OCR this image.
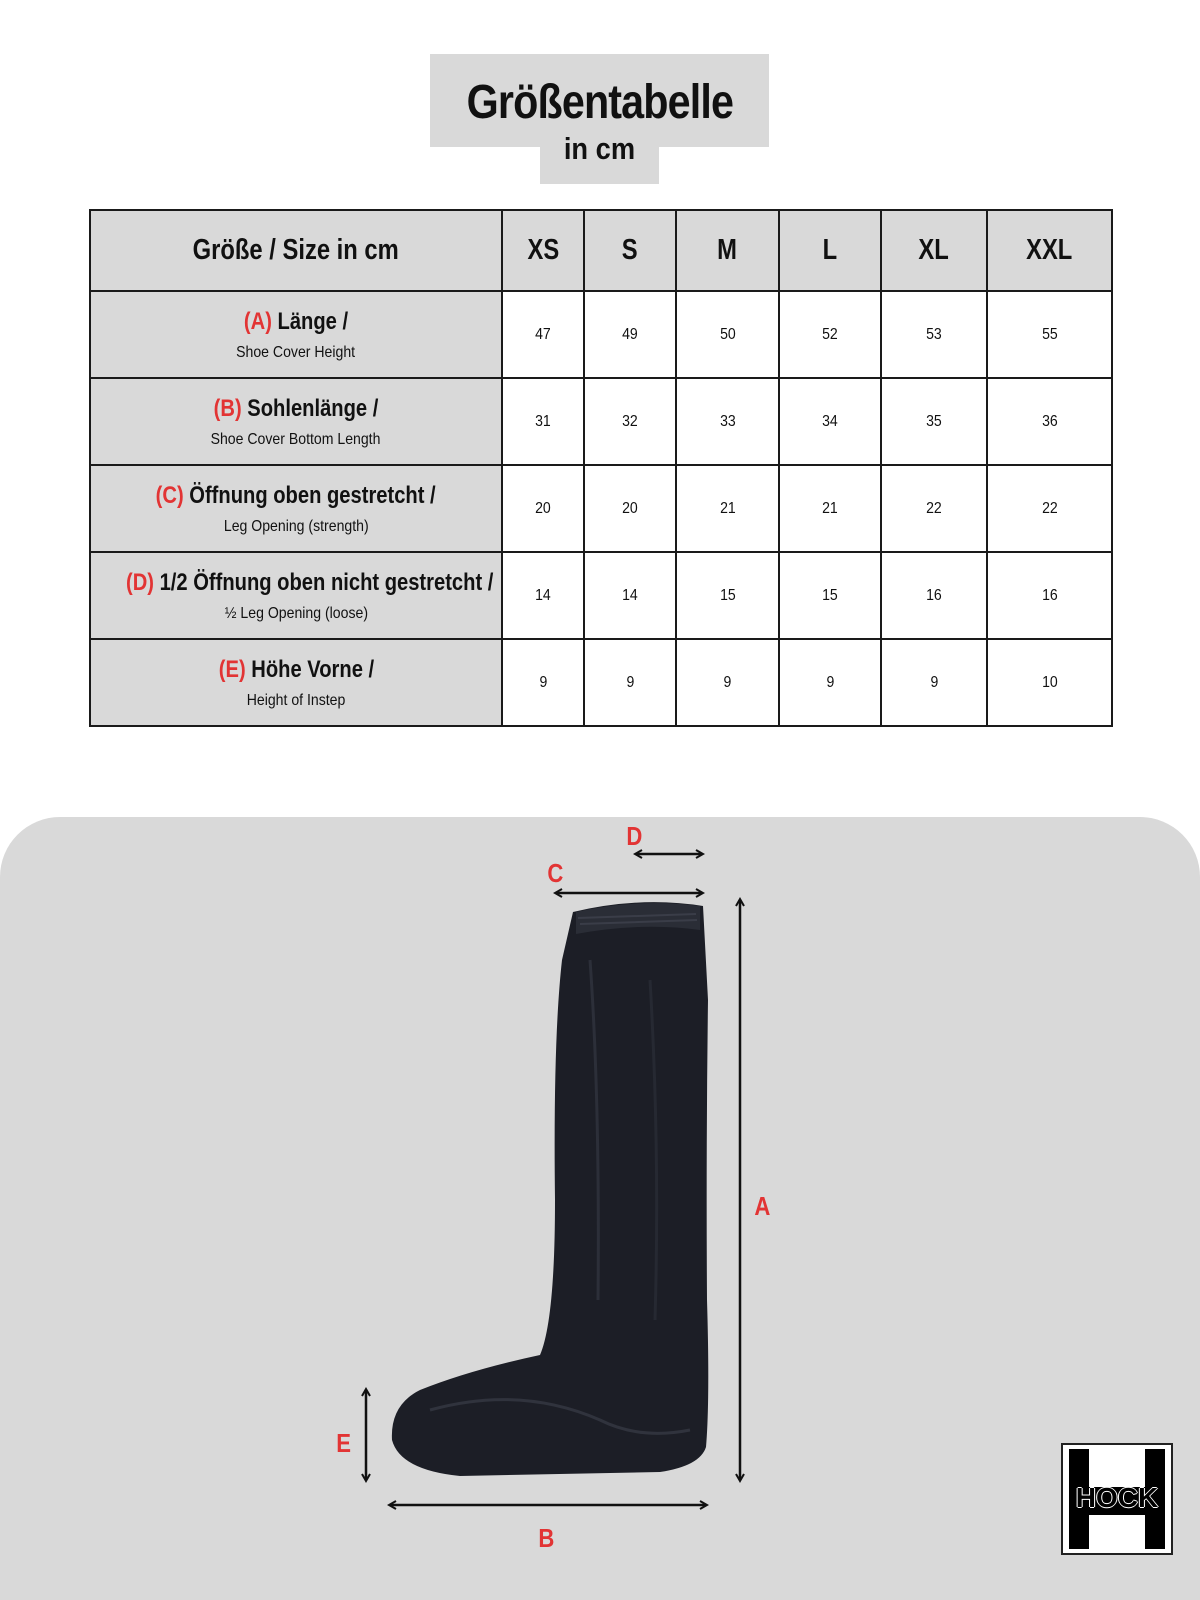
Größentabelle
in cm
Größe / Size in cm	XS	S	M	L	XL	XXL

(A) Länge /
Shoe Cover Height	47	49	50	52	53	55

(B) Sohlenlänge /
Shoe Cover Bottom Length	31	32	33	34	35	36

(C) Öffnung oben gestretcht /
Leg Opening (strength)	20	20	21	21	22	22

(D) 1/2 Öffnung oben nicht gestretcht /
½ Leg Opening (loose)	14	14	15	15	16	16

(E) Höhe Vorne /
Height of Instep	9	9	9	9	9	10
D
C
A
E
B
HOCK
